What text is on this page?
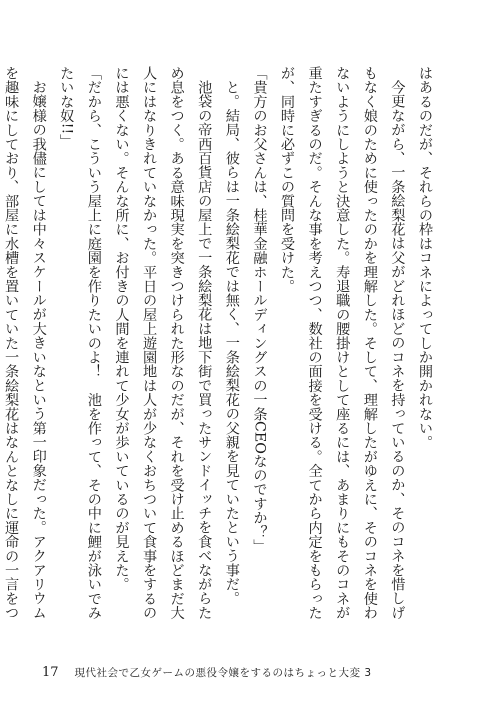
はあるのだが、それらの枠はコネによってしか開かれない。

今更ながら、一条絵梨花は父がどれほどのコネを持っているのか、そのコネを惜しげもなく娘のために使ったのかを理解した。そして、理解したがゆえに、そのコネを使わないようにしようと決意した。寿退職の腰掛けとして座るには、あまりにもそのコネが重たすぎるのだ。そんな事を考えつつ、数社の面接を受ける。全てから内定をもらったが、同時に必ずこの質問を受けた。

「貴方のお父さんは、桂華金融ホールディングスの一条CEOなのですか？」

と。結局、彼らは一条絵梨花では無く、一条絵梨花の父親を見ていたという事だ。

池袋の帝西百貨店の屋上で一条絵梨花は地下街で買ったサンドイッチを食べながらため息をつく。ある意味現実を突きつけられた形なのだが、それを受け止めるほどまだ大人にはなりきれていなかった。平日の屋上遊園地は人が少なくおちついて食事をするのには悪くない。そんな所に、お付きの人間を連れて少女が歩いているのが見えた。

「だから、こういう屋上に庭園を作りたいのよ！　池を作って、その中に鯉が泳いでみたいな奴!!」

お嬢様の我儘にしては中々スケールが大きいなという第一印象だった。アクアリウムを趣味にしており、部屋に水槽を置いていた一条絵梨花はなんとなしに運命の一言をつ

17 現代社会で乙女ゲームの悪役令嬢をするのはちょっと大変 3
